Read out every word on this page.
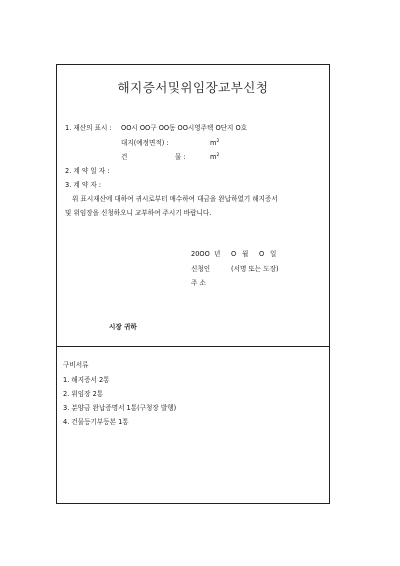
해지증서및위임장교부신청
1. 재산의 표시 : OO시 OO구 OO동 OO시영주택 O단지 O호
대지(예정면적) :	$m^2$
건	물 :	$m^2$
2. 계 약 일 자 :
3. 계 약 자 :
위 표시재산에 대하여 귀시로부터 매수하여 대금을 완납하였기 해지증서
및 위임장을 신청하오니 교부하여 주시기 바랍니다.
20OO 년 O 월 O 일
신청인	(서명 또는 도장)
주 소
시장 귀하
구비서류
1. 해지증서 2통
2. 위임장 2통
3. 분양금 완납증명서 1통(구청장 발행)
4. 건물등기부등본 1통
